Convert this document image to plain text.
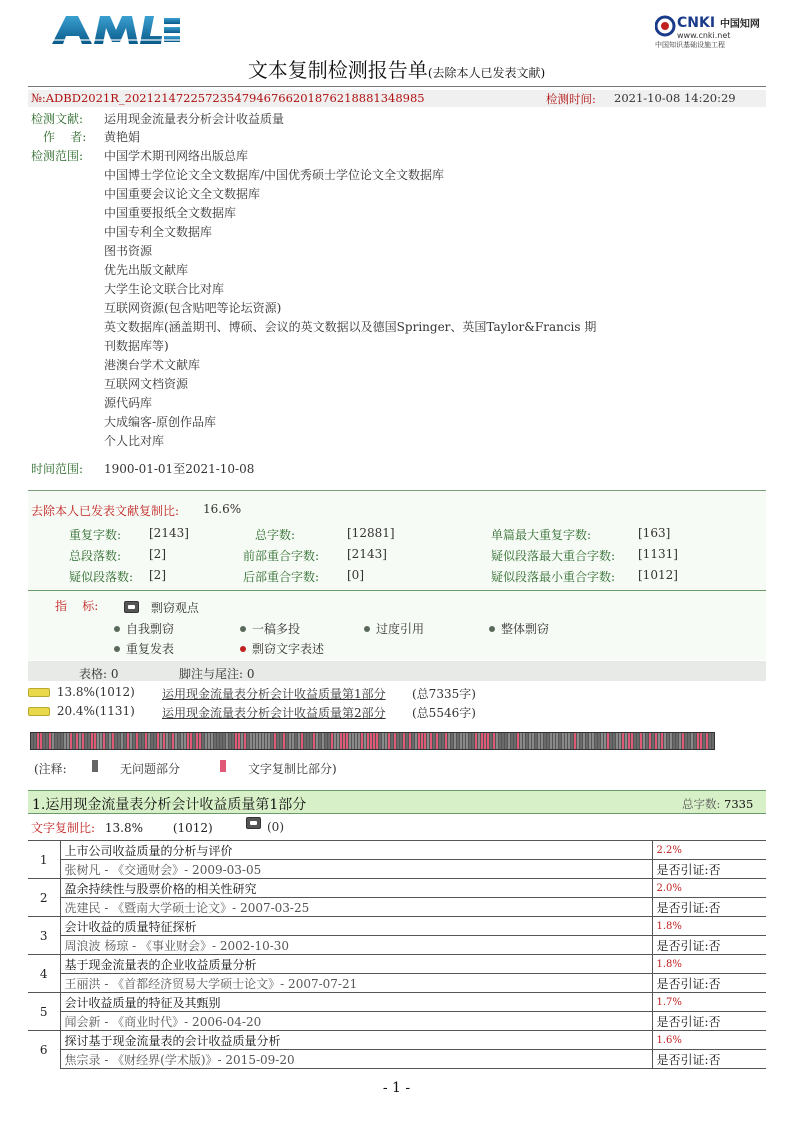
CNKI 中国知网
www.cnki.net
中国知识基础设施工程
文本复制检测报告单(去除本人已发表文献)
№:ADBD2021R_20212147225723547946766201876218881348985	检测时间: 2021-10-08 14:20:29
检测文献: 运用现金流量表分析会计收益质量
作    者: 黄艳娟
检测范围: 中国学术期刊网络出版总库
中国博士学位论文全文数据库/中国优秀硕士学位论文全文数据库
中国重要会议论文全文数据库
中国重要报纸全文数据库
中国专利全文数据库
图书资源
优先出版文献库
大学生论文联合比对库
互联网资源(包含贴吧等论坛资源)
英文数据库(涵盖期刊、博硕、会议的英文数据以及德国Springer、英国Taylor&Francis 期
刊数据库等)
港澳台学术文献库
互联网文档资源
源代码库
大成编客-原创作品库
个人比对库
时间范围: 1900-01-01至2021-10-08
去除本人已发表文献复制比: 16.6%
重复字数: [2143]	总字数:	[12881]	单篇最大重复字数:	[163]
总段落数: [2]	前部重合字数: [2143]	疑似段落最大重合字数: [1131]
疑似段落数: [2]	后部重合字数: [0]	疑似段落最小重合字数: [1012]
指    标:	剽窃观点
自我剽窃	一稿多投	过度引用	整体剽窃
重复发表	剽窃文字表述
表格: 0	脚注与尾注: 0
13.8%(1012) 运用现金流量表分析会计收益质量第1部分 (总7335字)
20.4%(1131) 运用现金流量表分析会计收益质量第2部分 (总5546字)
(注释:	无问题部分	文字复制比部分)
1.运用现金流量表分析会计收益质量第1部分	总字数: 7335
文字复制比: 13.8% (1012)	(0)
1	上市公司收益质量的分析与评价	2.2%
	张树凡 - 《交通财会》- 2009-03-05	是否引证:否
2	盈余持续性与股票价格的相关性研究	2.0%
	冼建民 - 《暨南大学硕士论文》- 2007-03-25	是否引证:否
3	会计收益的质量特征探析	1.8%
	周浪波 杨琼 - 《事业财会》- 2002-10-30	是否引证:否
4	基于现金流量表的企业收益质量分析	1.8%
	王丽洪 - 《首都经济贸易大学硕士论文》- 2007-07-21	是否引证:否
5	会计收益质量的特征及其甄别	1.7%
	闻会新 - 《商业时代》- 2006-04-20	是否引证:否
6	探讨基于现金流量表的会计收益质量分析	1.6%
	焦宗录 - 《财经界(学术版)》- 2015-09-20	是否引证:否
- 1 -
